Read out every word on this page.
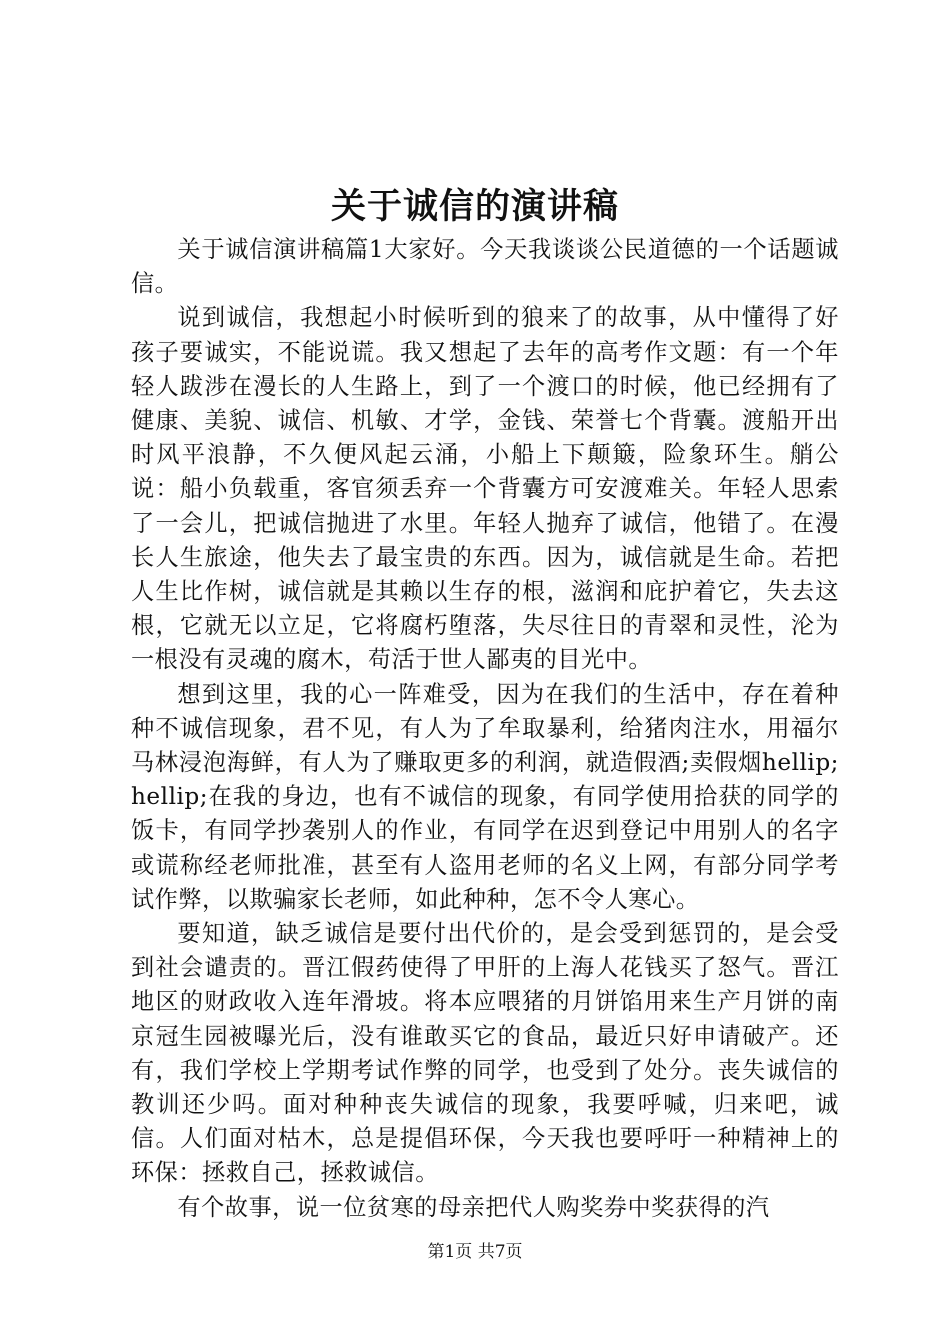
关于诚信的演讲稿

关于诚信演讲稿篇1大家好。今天我谈谈公民道德的一个话题诚信。

说到诚信，我想起小时候听到的狼来了的故事，从中懂得了好孩子要诚实，不能说谎。我又想起了去年的高考作文题：有一个年轻人跋涉在漫长的人生路上，到了一个渡口的时候，他已经拥有了健康、美貌、诚信、机敏、才学，金钱、荣誉七个背囊。渡船开出时风平浪静，不久便风起云涌，小船上下颠簸，险象环生。艄公说：船小负载重，客官须丢弃一个背囊方可安渡难关。年轻人思索了一会儿，把诚信抛进了水里。年轻人抛弃了诚信，他错了。在漫长人生旅途，他失去了最宝贵的东西。因为，诚信就是生命。若把人生比作树，诚信就是其赖以生存的根，滋润和庇护着它，失去这根，它就无以立足，它将腐朽堕落，失尽往日的青翠和灵性，沦为一根没有灵魂的腐木，苟活于世人鄙夷的目光中。

想到这里，我的心一阵难受，因为在我们的生活中，存在着种种不诚信现象，君不见，有人为了牟取暴利，给猪肉注水，用福尔马林浸泡海鲜，有人为了赚取更多的利润，就造假酒;卖假烟hellip;hellip;在我的身边，也有不诚信的现象，有同学使用拾获的同学的饭卡，有同学抄袭别人的作业，有同学在迟到登记中用别人的名字或谎称经老师批准，甚至有人盗用老师的名义上网，有部分同学考试作弊，以欺骗家长老师，如此种种，怎不令人寒心。

要知道，缺乏诚信是要付出代价的，是会受到惩罚的，是会受到社会谴责的。晋江假药使得了甲肝的上海人花钱买了怒气。晋江地区的财政收入连年滑坡。将本应喂猪的月饼馅用来生产月饼的南京冠生园被曝光后，没有谁敢买它的食品，最近只好申请破产。还有，我们学校上学期考试作弊的同学，也受到了处分。丧失诚信的教训还少吗。面对种种丧失诚信的现象，我要呼喊，归来吧，诚信。人们面对枯木，总是提倡环保，今天我也要呼吁一种精神上的环保：拯救自己，拯救诚信。

有个故事，说一位贫寒的母亲把代人购奖券中奖获得的汽

第1页 共7页
